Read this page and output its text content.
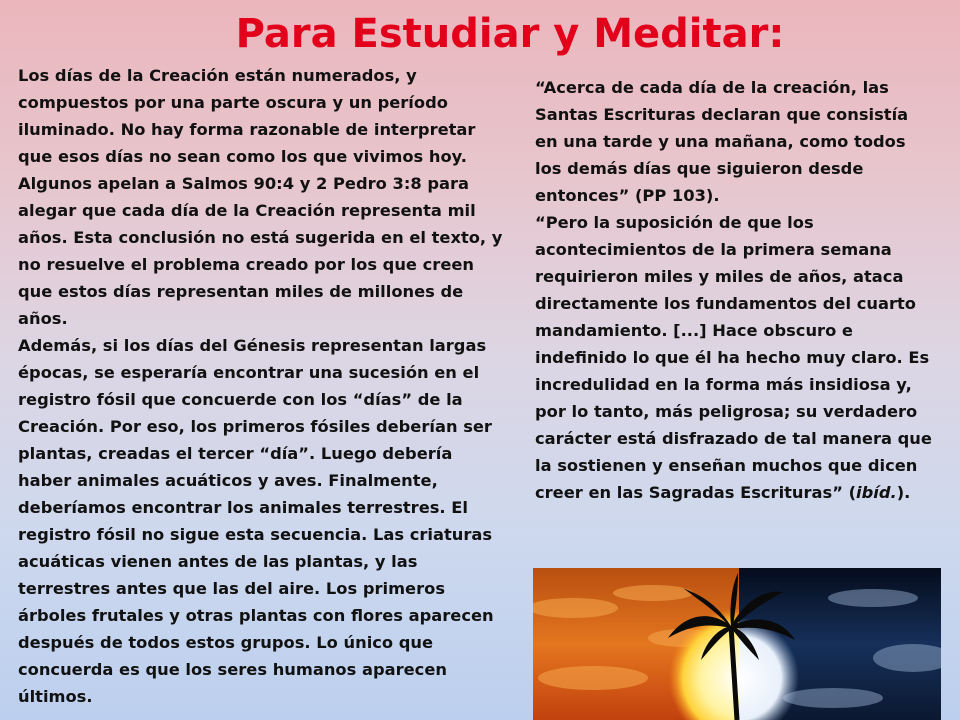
Para Estudiar y Meditar:

Los días de la Creación están numerados, y compuestos por una parte oscura y un período iluminado. No hay forma razonable de interpretar que esos días no sean como los que vivimos hoy. Algunos apelan a Salmos 90:4 y 2 Pedro 3:8 para alegar que cada día de la Creación representa mil años. Esta conclusión no está sugerida en el texto, y no resuelve el problema creado por los que creen que estos días representan miles de millones de años.

Además, si los días del Génesis representan largas épocas, se esperaría encontrar una sucesión en el registro fósil que concuerde con los “días” de la Creación. Por eso, los primeros fósiles deberían ser plantas, creadas el tercer “día”. Luego debería haber animales acuáticos y aves. Finalmente, deberíamos encontrar los animales terrestres. El registro fósil no sigue esta secuencia. Las criaturas acuáticas vienen antes de las plantas, y las terrestres antes que las del aire. Los primeros árboles frutales y otras plantas con flores aparecen después de todos estos grupos. Lo único que concuerda es que los seres humanos aparecen últimos.

“Acerca de cada día de la creación, las Santas Escrituras declaran que consistía en una tarde y una mañana, como todos los demás días que siguieron desde entonces” (PP 103).

“Pero la suposición de que los acontecimientos de la primera semana requirieron miles y miles de años, ataca directamente los fundamentos del cuarto mandamiento. [...] Hace obscuro e indefinido lo que él ha hecho muy claro. Es incredulidad en la forma más insidiosa y, por lo tanto, más peligrosa; su verdadero carácter está disfrazado de tal manera que la sostienen y enseñan muchos que dicen creer en las Sagradas Escrituras” (ibíd.).
